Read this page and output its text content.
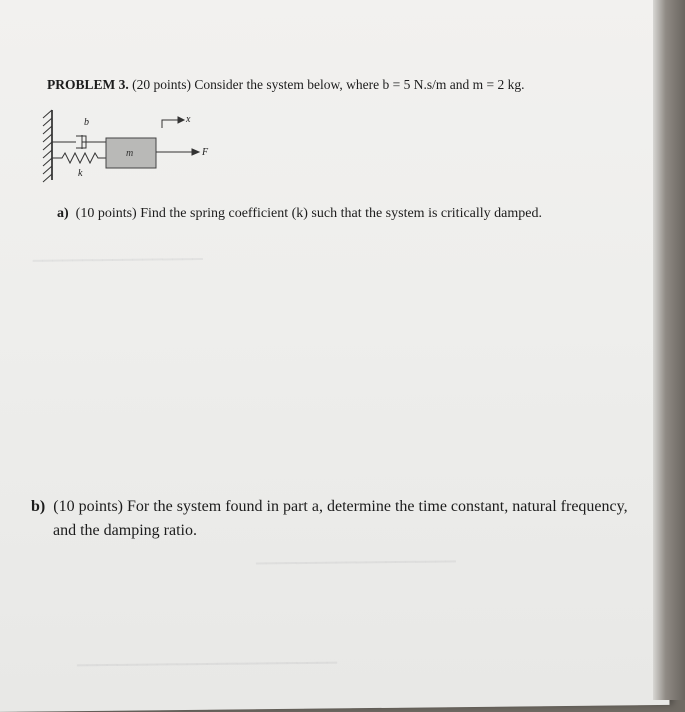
▁▁▁▁▁▁▁▁▁▁▁▁▁▁▁▁▁
▁▁▁▁▁▁▁▁▁▁▁▁▁▁▁▁▁▁▁▁
▁▁▁▁▁▁▁▁▁▁▁▁▁▁▁▁▁▁▁▁▁▁▁▁▁▁
PROBLEM 3. (20 points) Consider the system below, where b = 5 N.s/m and m = 2 kg.
b
k
m
x
F
a) (10 points) Find the spring coefficient (k) such that the system is critically damped.
b) (10 points) For the system found in part a, determine the time constant, natural frequency,
and the damping ratio.
